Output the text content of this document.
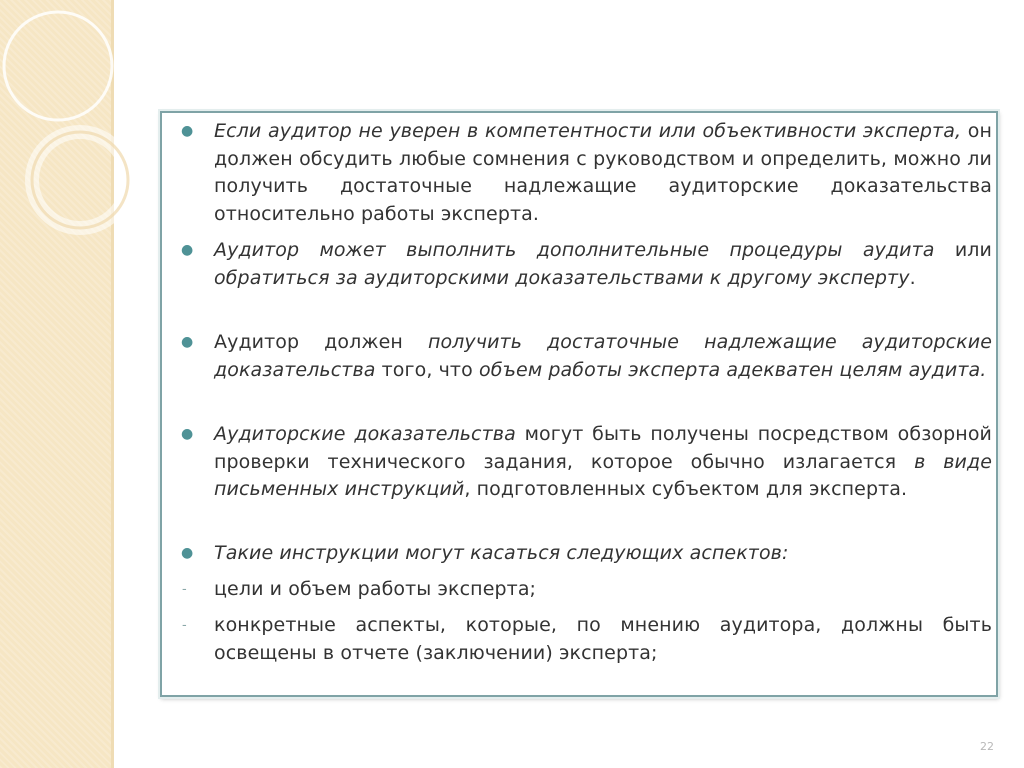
● Если аудитор не уверен в компетентности или объективности эксперта, он должен обсудить любые сомнения с руководством и определить, можно ли получить достаточные надлежащие аудиторские доказательства относительно работы эксперта.
● Аудитор может выполнить дополнительные процедуры аудита или обратиться за аудиторскими доказательствами к другому эксперту.
● Аудитор должен получить достаточные надлежащие аудиторские доказательства того, что объем работы эксперта адекватен целям аудита.
● Аудиторские доказательства могут быть получены посредством обзорной проверки технического задания, которое обычно излагается в виде письменных инструкций, подготовленных субъектом для эксперта.
● Такие инструкции могут касаться следующих аспектов:
- цели и объем работы эксперта;
- конкретные аспекты, которые, по мнению аудитора, должны быть освещены в отчете (заключении) эксперта;
22
